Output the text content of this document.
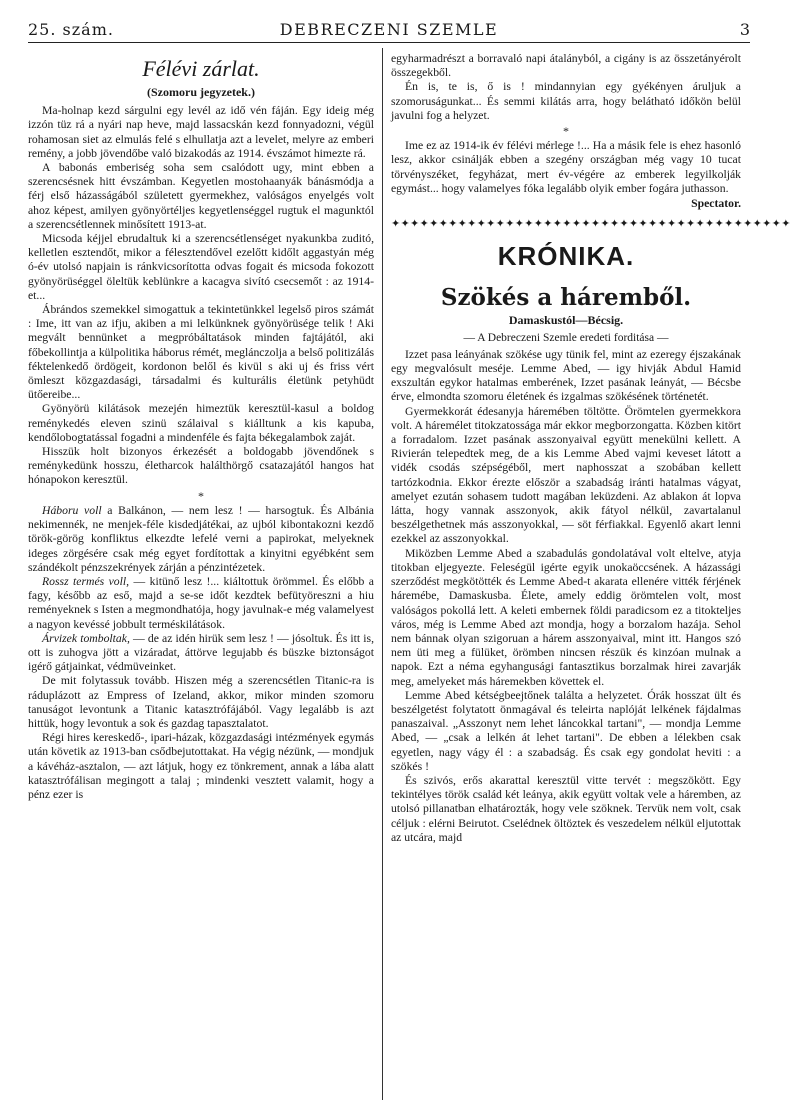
25. szám.	DEBRECZENI SZEMLE	3
Félévi zárlat.
(Szomoru jegyzetek.)

Ma-holnap kezd sárgulni egy levél az idő vén fáján. Egy ideig még izzón tüz rá a nyári nap heve, majd lassacskán kezd fonnyadozni, végül rohamosan siet az elmulás felé s elhullatja azt a levelet, melyre az emberi remény, a jobb jövendőbe való bizakodás az 1914. évszámot himezte rá.

A babonás emberiség soha sem csalódott ugy, mint ebben a szerencsésnek hitt évszámban. Kegyetlen mostohaanyák bánásmódja a férj első házasságából született gyermekhez, valóságos enyelgés volt ahoz képest, amilyen gyönyörtéljes kegyetlenséggel rugtuk el magunktól a szerencsétlennek minősített 1913-at.

Micsoda kéjjel ebrudaltuk ki a szerencsétlenséget nyakunkba zuditó, kelletlen esztendőt, mikor a félesztendővel ezelőtt kidőlt aggastyán még ó-év utolsó napjain is ránkvicsorította odvas fogait és micsoda fokozott gyönyörüséggel öleltük keblünkre a kacagva sivító csecsemőt : az 1914-et...

Ábrándos szemekkel simogattuk a tekintetünkkel legelső piros számát : Ime, itt van az ifju, akiben a mi lelkünknek gyönyörüsége telik ! Aki megvált bennünket a megpróbáltatások minden fajtájától, aki főbekollintja a külpolitika háborus rémét, meglánczolja a belső politizálás féktelenkedő ördögeit, kordonon belől és kivül s aki uj és friss vért ömleszt közgazdasági, társadalmi és kulturális életünk petyhüdt ütőereibe...

Gyönyörü kilátások mezején himeztük keresztül-kasul a boldog reménykedés eleven szinü szálaival s kiálltunk a kis kapuba, kendőlobogtatással fogadni a mindenféle és fajta békegalambok zaját.

Hisszük holt bizonyos érkezését a boldogabb jövendőnek s reménykedünk hosszu, életharcok halálthörgő csatazajától hangos hat hónapokon keresztül.

*

Háboru voll a Balkánon, — nem lesz ! — harsogtuk. És Albánia nekimennék, ne menjek-féle kisdedjátékai, az ujból kibontakozni kezdő török-görög konfliktus elkezdte lefelé verni a papirokat, melyeknek ideges zörgésére csak még egyet fordítottak a kinyitni egyébként sem szándékolt pénzszekrények zárján a pénzintézetek.

Rossz termés voll, — kitünő lesz !... kiáltottuk örömmel. És előbb a fagy, később az eső, majd a se-se időt kezdtek befütyöreszni a hiu reményeknek s Isten a megmondhatója, hogy javulnak-e még valamelyest a nagyon kevéssé jobbult terméskilátások.

Árvizek tomboltak, — de az idén hirük sem lesz ! — jósoltuk. És itt is, ott is zuhogva jött a vizáradat, áttörve legujabb és büszke biztonságot igérő gátjainkat, védmüveinket.

De mit folytassuk tovább. Hiszen még a szerencsétlen Titanic-ra is ráduplázott az Empress of Izeland, akkor, mikor minden szomoru tanuságot levontunk a Titanic katasztrófájából. Vagy legalább is azt hittük, hogy levontuk a sok és gazdag tapasztalatot.

Régi hires kereskedő-, ipari-házak, közgazdasági intézmények egymás után követik az 1913-ban csődbejutottakat. Ha végig nézünk, — mondjuk a kávéház-asztalon, — azt látjuk, hogy ez tönkrement, annak a lába alatt katasztrófálisan megingott a talaj ; mindenki vesztett valamit, hogy a pénz ezer is

egyharmadrészt a borravaló napi átalányból, a cigány is az összetányérolt összegekből.

Én is, te is, ő is ! mindannyian egy gyékényen áruljuk a szomoruságunkat... És semmi kilátás arra, hogy belátható időkön belül javulni fog a helyzet.

*

Ime ez az 1914-ik év félévi mérlege !... Ha a másik fele is ehez hasonló lesz, akkor csinálják ebben a szegény országban még vagy 10 tucat törvényszéket, fegyházat, mert év-végére az emberek legyilkolják egymást... hogy valamelyes fóka legalább olyik ember fogára juthasson.

Spectator.
✦✦✦✦✦✦✦✦✦✦✦✦✦✦✦✦✦✦✦✦✦✦✦✦✦✦✦✦✦✦✦✦✦✦✦✦✦✦✦✦✦✦
KRÓNIKA.
Szökés a háremből.
Damaskustól—Bécsig.
— A Debreczeni Szemle eredeti forditása —

Izzet pasa leányának szökése ugy tünik fel, mint az ezeregy éjszakának egy megvalósult meséje. Lemme Abed, — igy hivják Abdul Hamid exszultán egykor hatalmas emberének, Izzet pasának leányát, — Bécsbe érve, elmondta szomoru életének és izgalmas szökésének történetét.

Gyermekkorát édesanyja háremében töltötte. Örömtelen gyermekkora volt. A háremélet titokzatossága már ekkor megborzongatta. Közben kitört a forradalom. Izzet pasának asszonyaival együtt menekülni kellett. A Rivierán telepedtek meg, de a kis Lemme Abed vajmi keveset látott a vidék csodás szépségéből, mert naphosszat a szobában kellett tartózkodnia. Ekkor érezte először a szabadság iránti hatalmas vágyat, amelyet ezután sohasem tudott magában leküzdeni. Az ablakon át lopva látta, hogy vannak asszonyok, akik fátyol nélkül, zavartalanul beszélgethetnek más asszonyokkal, — söt férfiakkal. Egyenlő akart lenni ezekkel az asszonyokkal.

Miközben Lemme Abed a szabadulás gondolatával volt eltelve, atyja titokban eljegyezte. Feleségül igérte egyik unokaöccsének. A házassági szerződést megkötötték és Lemme Abed-t akarata ellenére vitték férjének háremébe, Damaskusba. Élete, amely eddig örömtelen volt, most valóságos pokollá lett. A keleti embernek földi paradicsom ez a titokteljes város, még is Lemme Abed azt mondja, hogy a borzalom hazája. Sehol nem bánnak olyan szigoruan a hárem asszonyaival, mint itt. Hangos szó nem üti meg a fülüket, örömben nincsen részük és kinzóan mulnak a napok. Ezt a néma egyhangusági fantasztikus borzalmak hirei zavarják meg, amelyeket más háremekben követtek el.

Lemme Abed kétségbeejtőnek találta a helyzetet. Órák hosszat ült és beszélgetést folytatott önmagával és teleirta naplóját lelkének fájdalmas panaszaival. „Asszonyt nem lehet láncokkal tartani", — mondja Lemme Abed, — „csak a lelkén át lehet tartani". De ebben a lélekben csak egyetlen, nagy vágy él : a szabadság. És csak egy gondolat heviti : a szökés !

És szivós, erős akarattal keresztül vitte tervét : megszökött. Egy tekintélyes török család két leánya, akik együtt voltak vele a háremben, az utolsó pillanatban elhatározták, hogy vele szöknek. Tervük nem volt, csak céljuk : elérni Beirutot. Cselédnek öltöztek és veszedelem nélkül eljutottak az utcára, majd
